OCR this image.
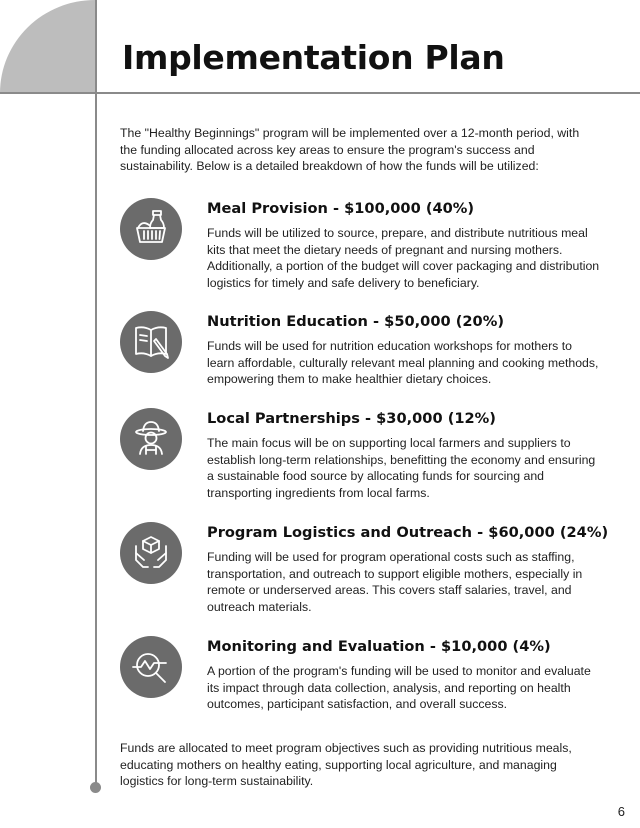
Implementation Plan

The "Healthy Beginnings" program will be implemented over a 12-month period, with the funding allocated across key areas to ensure the program's success and sustainability. Below is a detailed breakdown of how the funds will be utilized:

Meal Provision - $100,000 (40%)

Funds will be utilized to source, prepare, and distribute nutritious meal kits that meet the dietary needs of pregnant and nursing mothers. Additionally, a portion of the budget will cover packaging and distribution logistics for timely and safe delivery to beneficiary.

Nutrition Education - $50,000 (20%)

Funds will be used for nutrition education workshops for mothers to learn affordable, culturally relevant meal planning and cooking methods, empowering them to make healthier dietary choices.

Local Partnerships - $30,000 (12%)

The main focus will be on supporting local farmers and suppliers to establish long-term relationships, benefitting the economy and ensuring a sustainable food source by allocating funds for sourcing and transporting ingredients from local farms.

Program Logistics and Outreach - $60,000 (24%)

Funding will be used for program operational costs such as staffing, transportation, and outreach to support eligible mothers, especially in remote or underserved areas. This covers staff salaries, travel, and outreach materials.

Monitoring and Evaluation - $10,000 (4%)

A portion of the program's funding will be used to monitor and evaluate its impact through data collection, analysis, and reporting on health outcomes, participant satisfaction, and overall success.

Funds are allocated to meet program objectives such as providing nutritious meals, educating mothers on healthy eating, supporting local agriculture, and managing logistics for long-term sustainability.

6
